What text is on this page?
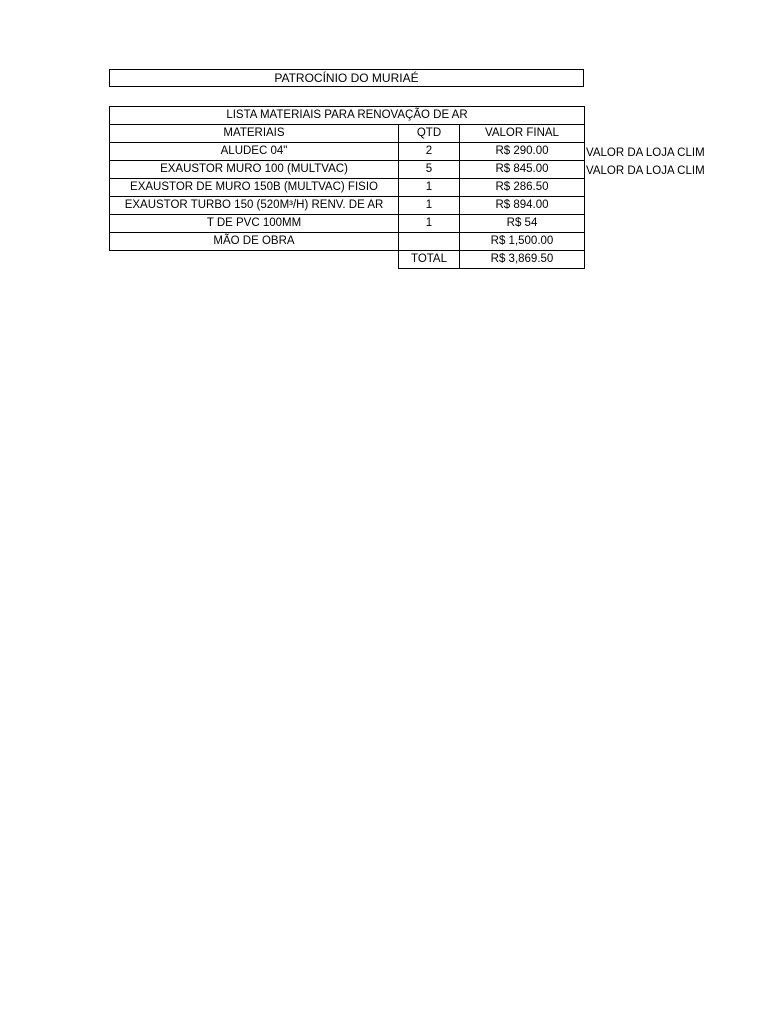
PATROCÍNIO DO MURIAÉ
LISTA MATERIAIS PARA RENOVAÇÃO DE AR		
MATERIAIS	QTD	VALOR FINAL
ALUDEC 04"	2	R$ 290.00
EXAUSTOR MURO 100 (MULTVAC)	5	R$ 845.00
EXAUSTOR DE MURO 150B (MULTVAC) FISIO	1	R$ 286.50
EXAUSTOR TURBO 150 (520M³/H) RENV. DE AR	1	R$ 894.00
T DE PVC 100MM	1	R$ 54
MÃO DE OBRA		R$ 1,500.00
	TOTAL	R$ 3,869.50
VALOR DA LOJA CLIM
VALOR DA LOJA CLIM
